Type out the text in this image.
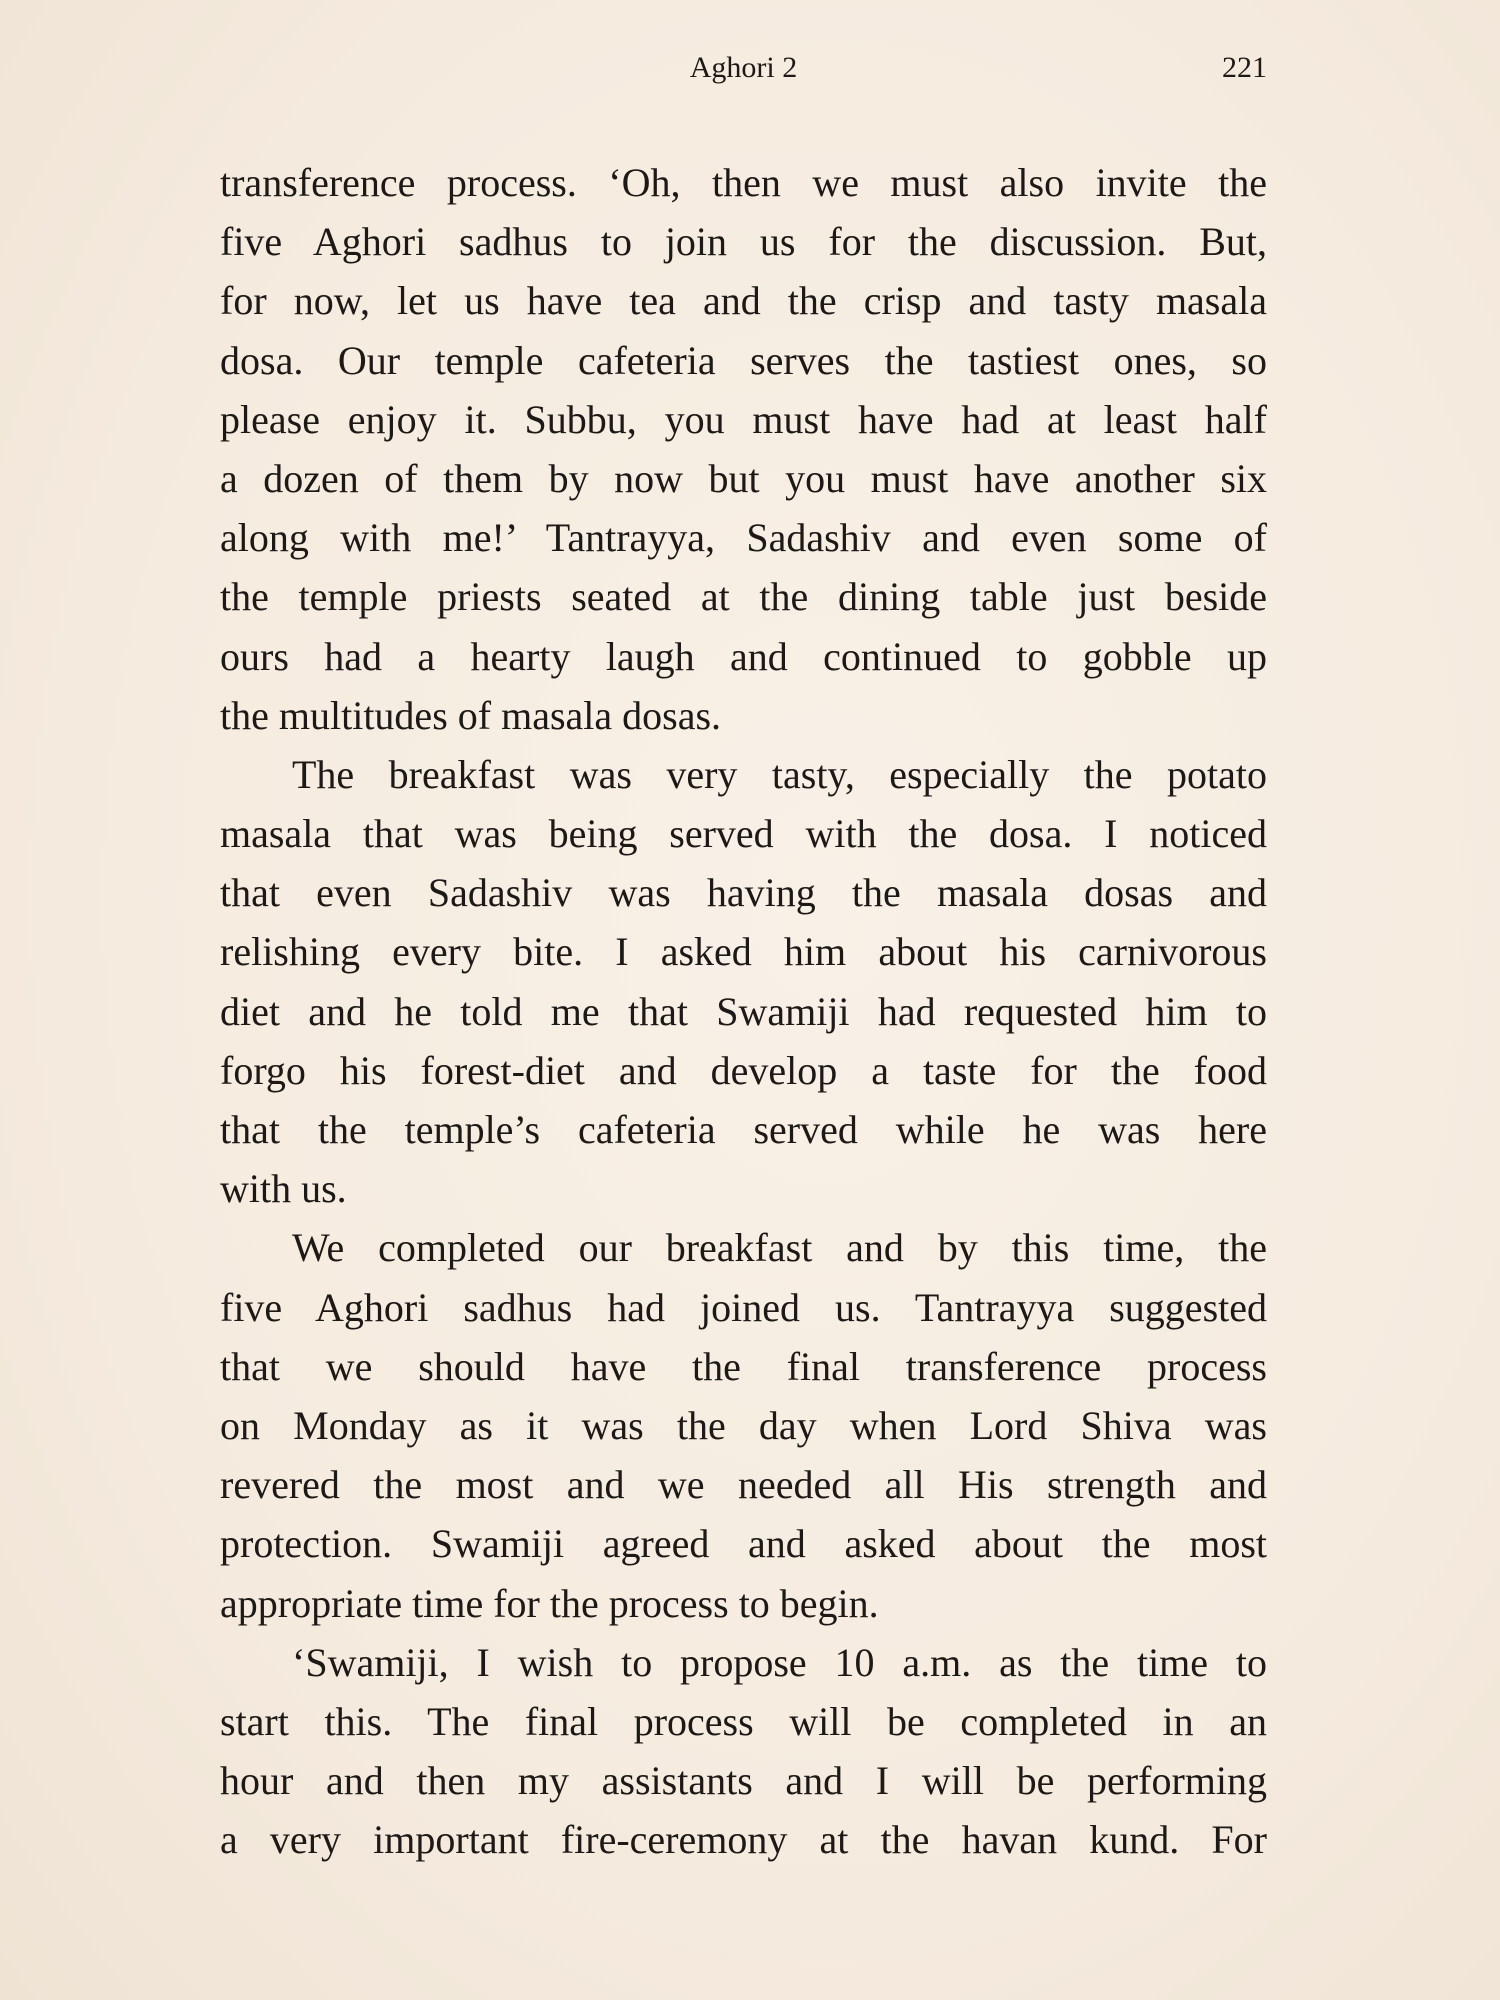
Aghori 2	221
transference process. ‘Oh, then we must also invite the
five Aghori sadhus to join us for the discussion. But,
for now, let us have tea and the crisp and tasty masala
dosa. Our temple cafeteria serves the tastiest ones, so
please enjoy it. Subbu, you must have had at least half
a dozen of them by now but you must have another six
along with me!’ Tantrayya, Sadashiv and even some of
the temple priests seated at the dining table just beside
ours had a hearty laugh and continued to gobble up
the multitudes of masala dosas.
The breakfast was very tasty, especially the potato
masala that was being served with the dosa. I noticed
that even Sadashiv was having the masala dosas and
relishing every bite. I asked him about his carnivorous
diet and he told me that Swamiji had requested him to
forgo his forest-diet and develop a taste for the food
that the temple’s cafeteria served while he was here
with us.
We completed our breakfast and by this time, the
five Aghori sadhus had joined us. Tantrayya suggested
that we should have the final transference process
on Monday as it was the day when Lord Shiva was
revered the most and we needed all His strength and
protection. Swamiji agreed and asked about the most
appropriate time for the process to begin.
‘Swamiji, I wish to propose 10 a.m. as the time to
start this. The final process will be completed in an
hour and then my assistants and I will be performing
a very important fire-ceremony at the havan kund. For
